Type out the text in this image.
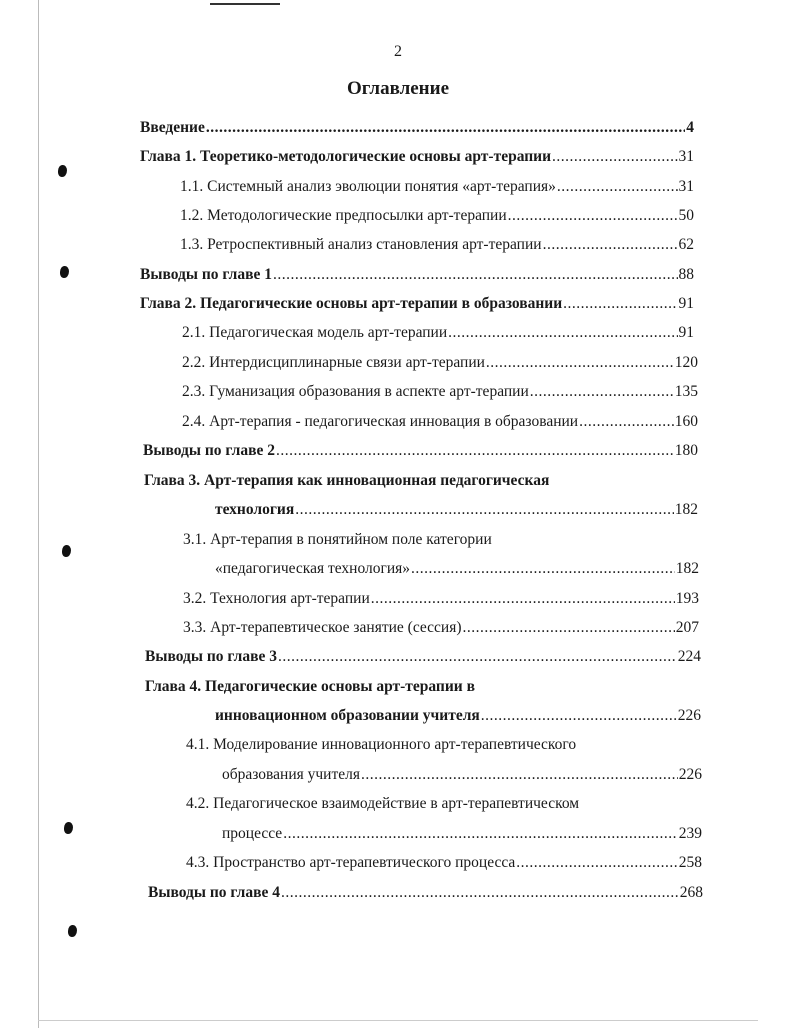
2
Оглавление
Введение .....	4
Глава 1. Теоретико-методологические основы арт-терапии .....	31
1.1. Системный анализ эволюции понятия «арт-терапия» .....	31
1.2. Методологические предпосылки арт-терапии .....	50
1.3. Ретроспективный анализ становления арт-терапии .....	62
Выводы по главе 1 .....	88
Глава 2. Педагогические основы арт-терапии в образовании .....	91
2.1. Педагогическая модель арт-терапии .....	91
2.2. Интердисциплинарные связи арт-терапии .....	120
2.3. Гуманизация образования в аспекте арт-терапии .....	135
2.4. Арт-терапия - педагогическая инновация в образовании .....	160
Выводы по главе 2 .....	180
Глава 3. Арт-терапия как инновационная педагогическая
технология .....	182
3.1. Арт-терапия в понятийном поле категории
«педагогическая технология» .....	182
3.2. Технология арт-терапии .....	193
3.3. Арт-терапевтическое занятие (сессия) .....	207
Выводы по главе 3 .....	224
Глава 4. Педагогические основы арт-терапии в
инновационном образовании учителя .....	226
4.1. Моделирование инновационного арт-терапевтического
образования учителя .....	226
4.2. Педагогическое взаимодействие в арт-терапевтическом
процессе .....	239
4.3. Пространство арт-терапевтического процесса .....	258
Выводы по главе 4 .....	268
